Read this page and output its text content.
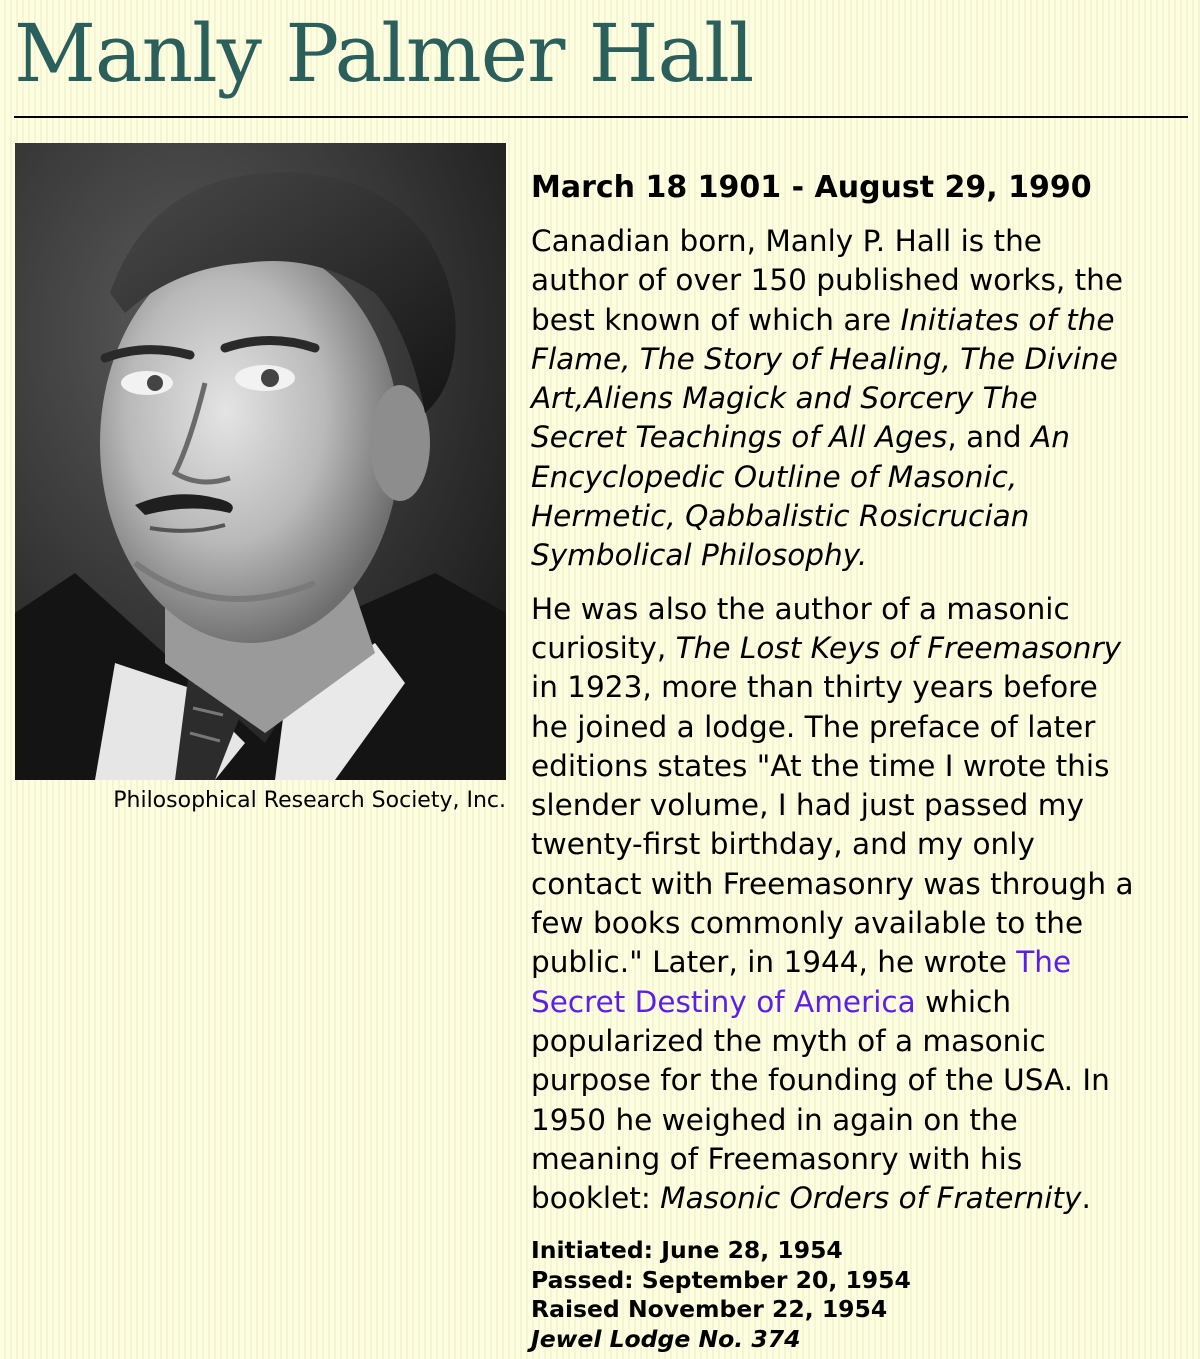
Manly Palmer Hall
Philosophical Research Society, Inc.
March 18 1901 - August 29, 1990

Canadian born, Manly P. Hall is the
author of over 150 published works, the
best known of which are Initiates of the
Flame, The Story of Healing, The Divine
Art,Aliens Magick and Sorcery The
Secret Teachings of All Ages, and An
Encyclopedic Outline of Masonic,
Hermetic, Qabbalistic Rosicrucian
Symbolical Philosophy.

He was also the author of a masonic
curiosity, The Lost Keys of Freemasonry
in 1923, more than thirty years before
he joined a lodge. The preface of later
editions states "At the time I wrote this
slender volume, I had just passed my
twenty-first birthday, and my only
contact with Freemasonry was through a
few books commonly available to the
public." Later, in 1944, he wrote The
Secret Destiny of America which
popularized the myth of a masonic
purpose for the founding of the USA. In
1950 he weighed in again on the
meaning of Freemasonry with his
booklet: Masonic Orders of Fraternity.

Initiated: June 28, 1954
Passed: September 20, 1954
Raised November 22, 1954
Jewel Lodge No. 374
